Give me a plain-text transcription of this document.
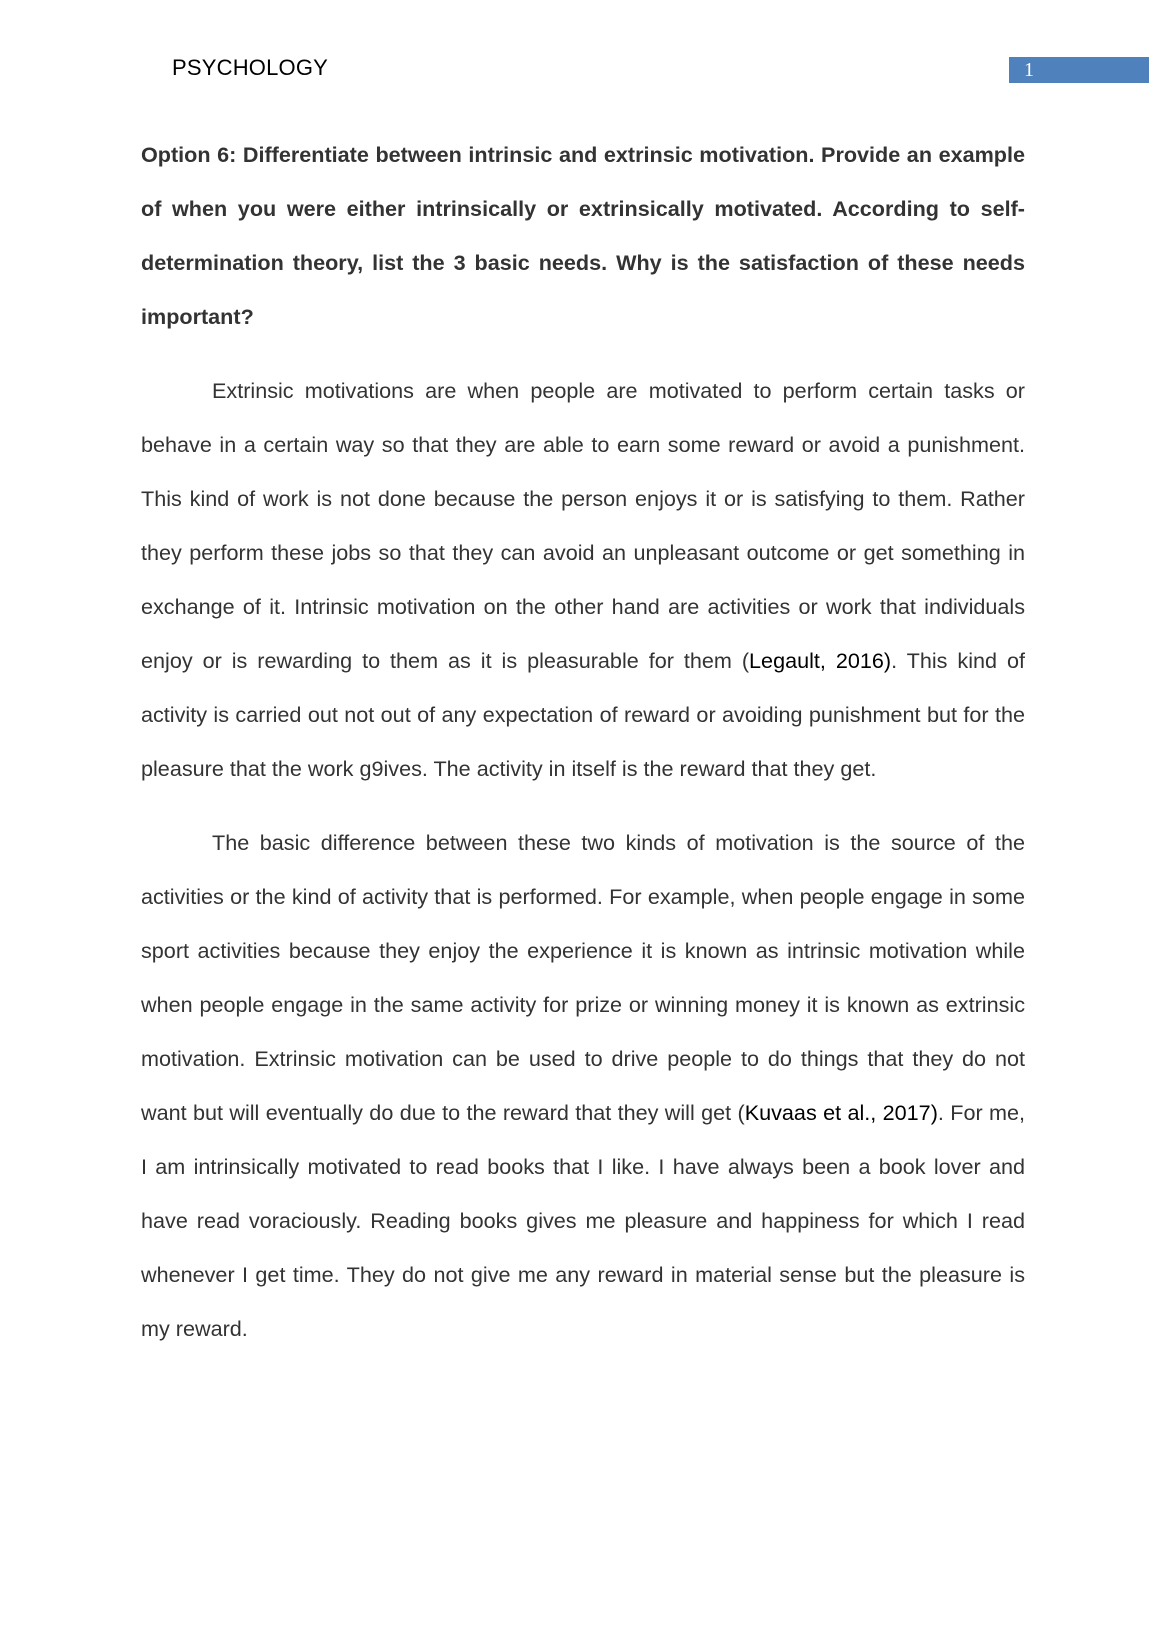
PSYCHOLOGY	1

Option 6: Differentiate between intrinsic and extrinsic motivation. Provide an example of when you were either intrinsically or extrinsically motivated. According to self-determination theory, list the 3 basic needs. Why is the satisfaction of these needs important?

Extrinsic motivations are when people are motivated to perform certain tasks or behave in a certain way so that they are able to earn some reward or avoid a punishment. This kind of work is not done because the person enjoys it or is satisfying to them. Rather they perform these jobs so that they can avoid an unpleasant outcome or get something in exchange of it. Intrinsic motivation on the other hand are activities or work that individuals enjoy or is rewarding to them as it is pleasurable for them (Legault, 2016). This kind of activity is carried out not out of any expectation of reward or avoiding punishment but for the pleasure that the work g9ives. The activity in itself is the reward that they get.

The basic difference between these two kinds of motivation is the source of the activities or the kind of activity that is performed. For example, when people engage in some sport activities because they enjoy the experience it is known as intrinsic motivation while when people engage in the same activity for prize or winning money it is known as extrinsic motivation. Extrinsic motivation can be used to drive people to do things that they do not want but will eventually do due to the reward that they will get (Kuvaas et al., 2017). For me, I am intrinsically motivated to read books that I like. I have always been a book lover and have read voraciously. Reading books gives me pleasure and happiness for which I read whenever I get time. They do not give me any reward in material sense but the pleasure is my reward.
